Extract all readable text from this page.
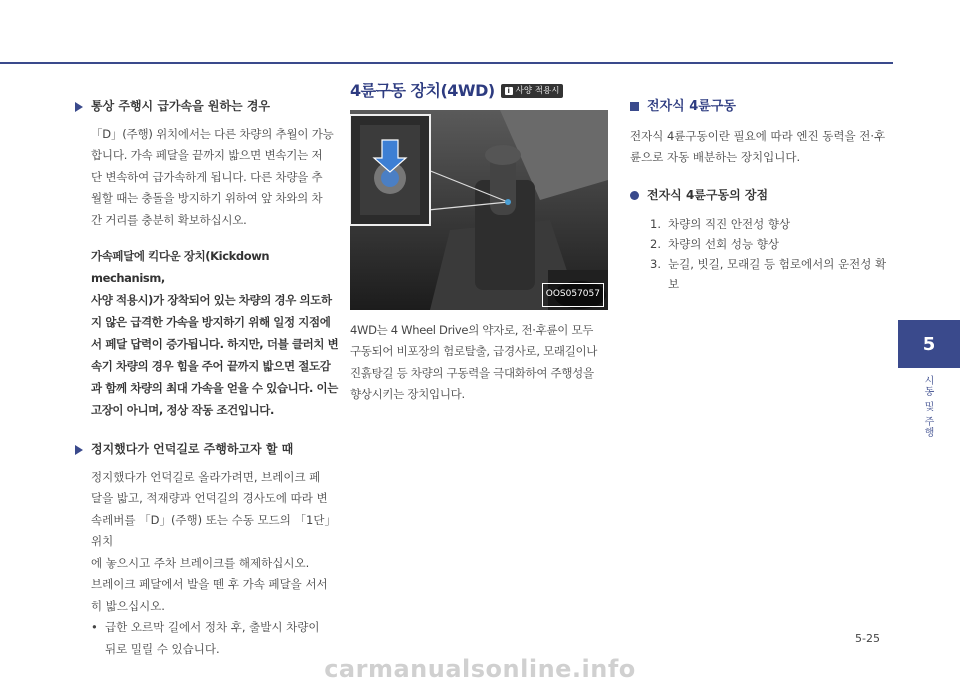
통상 주행시 급가속을 원하는 경우
「D」(주행) 위치에서는 다른 차량의 추월이 가능
합니다. 가속 페달을 끝까지 밟으면 변속기는 저
단 변속하여 급가속하게 됩니다. 다른 차량을 추
월할 때는 충돌을 방지하기 위하여 앞 차와의 차
간 거리를 충분히 확보하십시오.
가속페달에 킥다운 장치(Kickdown mechanism,
사양 적용시)가 장착되어 있는 차량의 경우 의도하
지 않은 급격한 가속을 방지하기 위해 일정 지점에
서 페달 답력이 증가됩니다. 하지만, 더블 클러치 변
속기 차량의 경우 힘을 주어 끝까지 밟으면 절도감
과 함께 차량의 최대 가속을 얻을 수 있습니다. 이는
고장이 아니며, 정상 작동 조건입니다.
정지했다가 언덕길로 주행하고자 할 때
정지했다가 언덕길로 올라가려면, 브레이크 페
달을 밟고, 적재량과 언덕길의 경사도에 따라 변
속레버를 「D」(주행) 또는 수동 모드의 「1단」 위치
에 놓으시고 주차 브레이크를 해제하십시오.
브레이크 페달에서 발을 뗀 후 가속 페달을 서서
히 밟으십시오.
• 급한 오르막 길에서 정차 후, 출발시 차량이
뒤로 밀릴 수 있습니다.
4륜구동 장치(4WD)	i 사양 적용시
OOS057057
4WD는 4 Wheel Drive의 약자로, 전·후륜이 모두
구동되어 비포장의 험로탈출, 급경사로, 모래길이나
진흙탕길 등 차량의 구동력을 극대화하여 주행성을
향상시키는 장치입니다.
전자식 4륜구동
전자식 4륜구동이란 필요에 따라 엔진 동력을 전·후
륜으로 자동 배분하는 장치입니다.
전자식 4륜구동의 장점
1. 차량의 직진 안전성 향상
2. 차량의 선회 성능 향상
3. 눈길, 빗길, 모래길 등 험로에서의 운전성 확보
5
시동 및 주행
5-25
carmanualsonline.info
